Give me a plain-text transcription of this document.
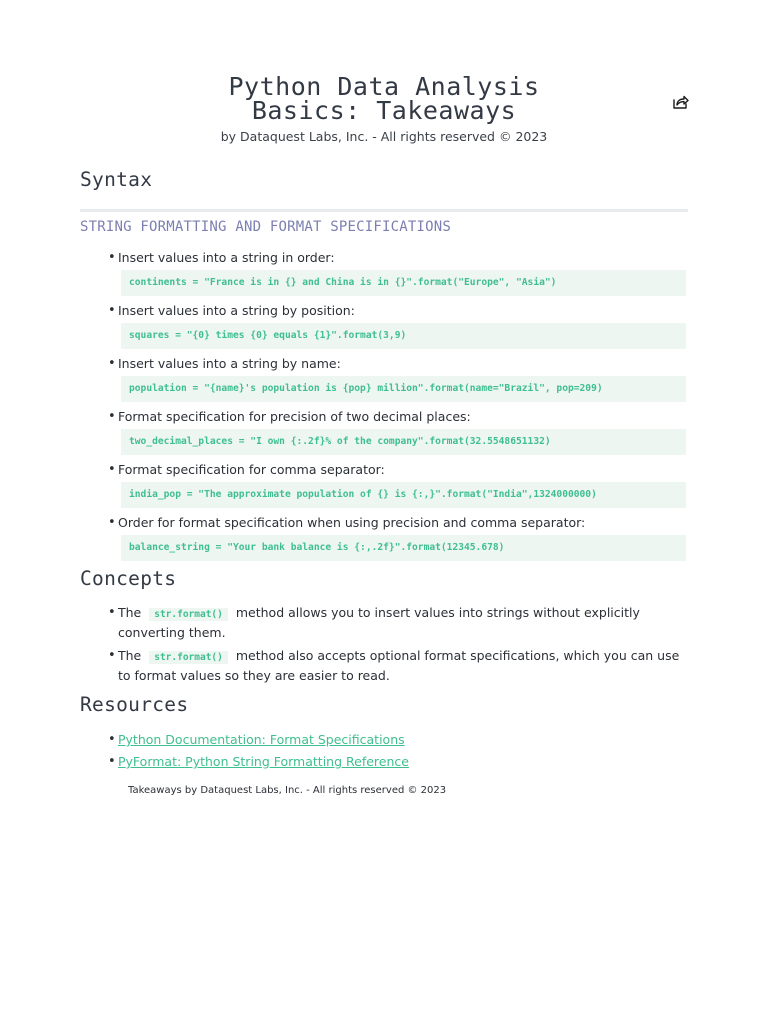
Python Data Analysis Basics: Takeaways
by Dataquest Labs, Inc. - All rights reserved © 2023
Syntax
STRING FORMATTING AND FORMAT SPECIFICATIONS
• Insert values into a string in order:
continents = "France is in {} and China is in {}".format("Europe", "Asia")
• Insert values into a string by position:
squares = "{0} times {0} equals {1}".format(3,9)
• Insert values into a string by name:
population = "{name}'s population is {pop} million".format(name="Brazil", pop=209)
• Format specification for precision of two decimal places:
two_decimal_places = "I own {:.2f}% of the company".format(32.5548651132)
• Format specification for comma separator:
india_pop = "The approximate population of {} is {:,}".format("India",1324000000)
• Order for format specification when using precision and comma separator:
balance_string = "Your bank balance is {:,.2f}".format(12345.678)
Concepts
• The str.format() method allows you to insert values into strings without explicitly converting them.
• The str.format() method also accepts optional format specifications, which you can use to format values so they are easier to read.
Resources
• Python Documentation: Format Specifications
• PyFormat: Python String Formatting Reference
Takeaways by Dataquest Labs, Inc. - All rights reserved © 2023
